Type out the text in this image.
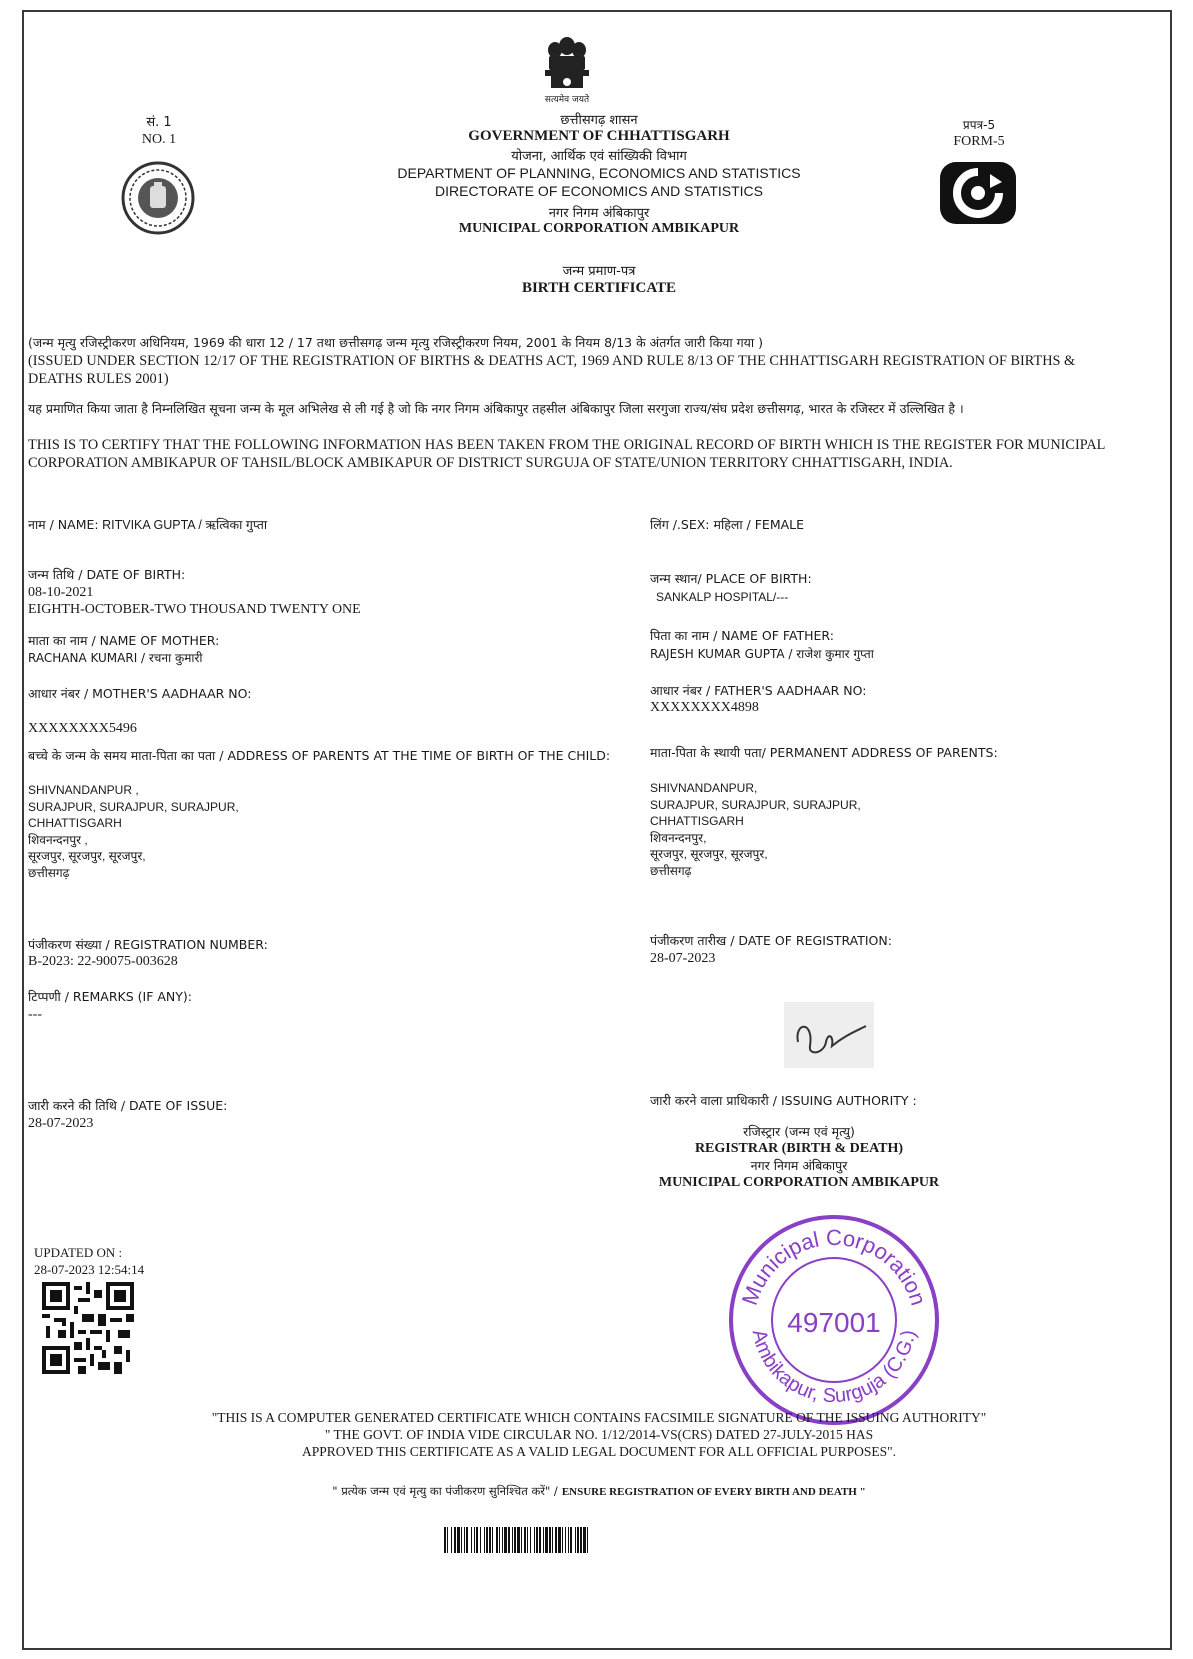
सत्यमेव जयते
सं. 1
NO. 1
प्रपत्र-5
FORM-5
छत्तीसगढ़ शासन
GOVERNMENT OF CHHATTISGARH
योजना, आर्थिक एवं सांख्यिकी विभाग
DEPARTMENT OF PLANNING, ECONOMICS AND STATISTICS
DIRECTORATE OF ECONOMICS AND STATISTICS
नगर निगम अंबिकापुर
MUNICIPAL CORPORATION AMBIKAPUR
जन्म प्रमाण-पत्र
BIRTH CERTIFICATE
(जन्म मृत्यु रजिस्ट्रीकरण अधिनियम, 1969 की धारा 12 / 17 तथा छत्तीसगढ़ जन्म मृत्यु रजिस्ट्रीकरण नियम, 2001 के नियम 8/13 के अंतर्गत जारी किया गया )
(ISSUED UNDER SECTION 12/17 OF THE REGISTRATION OF BIRTHS & DEATHS ACT, 1969 AND RULE 8/13 OF THE CHHATTISGARH REGISTRATION OF BIRTHS & DEATHS RULES 2001)
यह प्रमाणित किया जाता है निम्नलिखित सूचना जन्म के मूल अभिलेख से ली गई है जो कि नगर निगम अंबिकापुर तहसील अंबिकापुर जिला सरगुजा राज्य/संघ प्रदेश छत्तीसगढ़, भारत के रजिस्टर में उल्लिखित है ।
THIS IS TO CERTIFY THAT THE FOLLOWING INFORMATION HAS BEEN TAKEN FROM THE ORIGINAL RECORD OF BIRTH WHICH IS THE REGISTER FOR MUNICIPAL CORPORATION AMBIKAPUR OF TAHSIL/BLOCK AMBIKAPUR OF DISTRICT SURGUJA OF STATE/UNION TERRITORY CHHATTISGARH, INDIA.
नाम / NAME: RITVIKA GUPTA / ऋत्विका गुप्ता
जन्म तिथि / DATE OF BIRTH:
08-10-2021
EIGHTH-OCTOBER-TWO THOUSAND TWENTY ONE
माता का नाम / NAME OF MOTHER:
RACHANA KUMARI / रचना कुमारी
आधार नंबर / MOTHER'S AADHAAR NO:
XXXXXXXX5496
बच्चे के जन्म के समय माता-पिता का पता / ADDRESS OF PARENTS AT THE TIME OF BIRTH OF THE CHILD:
SHIVNANDANPUR ,
SURAJPUR, SURAJPUR, SURAJPUR,
CHHATTISGARH
शिवनन्दनपुर ,
सूरजपुर, सूरजपुर, सूरजपुर,
छत्तीसगढ़
पंजीकरण संख्या / REGISTRATION NUMBER:
B-2023: 22-90075-003628
टिप्पणी / REMARKS (IF ANY):
---
जारी करने की तिथि / DATE OF ISSUE:
28-07-2023
लिंग /.SEX: महिला / FEMALE
जन्म स्थान/ PLACE OF BIRTH:
SANKALP HOSPITAL/---
पिता का नाम / NAME OF FATHER:
RAJESH KUMAR GUPTA / राजेश कुमार गुप्ता
आधार नंबर / FATHER'S AADHAAR NO:
XXXXXXXX4898
माता-पिता के स्थायी पता/ PERMANENT ADDRESS OF PARENTS:
SHIVNANDANPUR,
SURAJPUR, SURAJPUR, SURAJPUR,
CHHATTISGARH
शिवनन्दनपुर,
सूरजपुर, सूरजपुर, सूरजपुर,
छत्तीसगढ़
पंजीकरण तारीख / DATE OF REGISTRATION:
28-07-2023
जारी करने वाला प्राधिकारी / ISSUING AUTHORITY :
रजिस्ट्रार (जन्म एवं मृत्यु)
REGISTRAR (BIRTH & DEATH)
नगर निगम अंबिकापुर
MUNICIPAL CORPORATION AMBIKAPUR
Municipal Corporation
Ambikapur, Surguja (C.G.)
497001
UPDATED ON :
28-07-2023 12:54:14
"THIS IS A COMPUTER GENERATED CERTIFICATE WHICH CONTAINS FACSIMILE SIGNATURE OF THE ISSUING AUTHORITY"
" THE GOVT. OF INDIA VIDE CIRCULAR NO. 1/12/2014-VS(CRS) DATED 27-JULY-2015 HAS
APPROVED THIS CERTIFICATE AS A VALID LEGAL DOCUMENT FOR ALL OFFICIAL PURPOSES".
" प्रत्येक जन्म एवं मृत्यु का पंजीकरण सुनिश्चित करें" / ENSURE REGISTRATION OF EVERY BIRTH AND DEATH "
